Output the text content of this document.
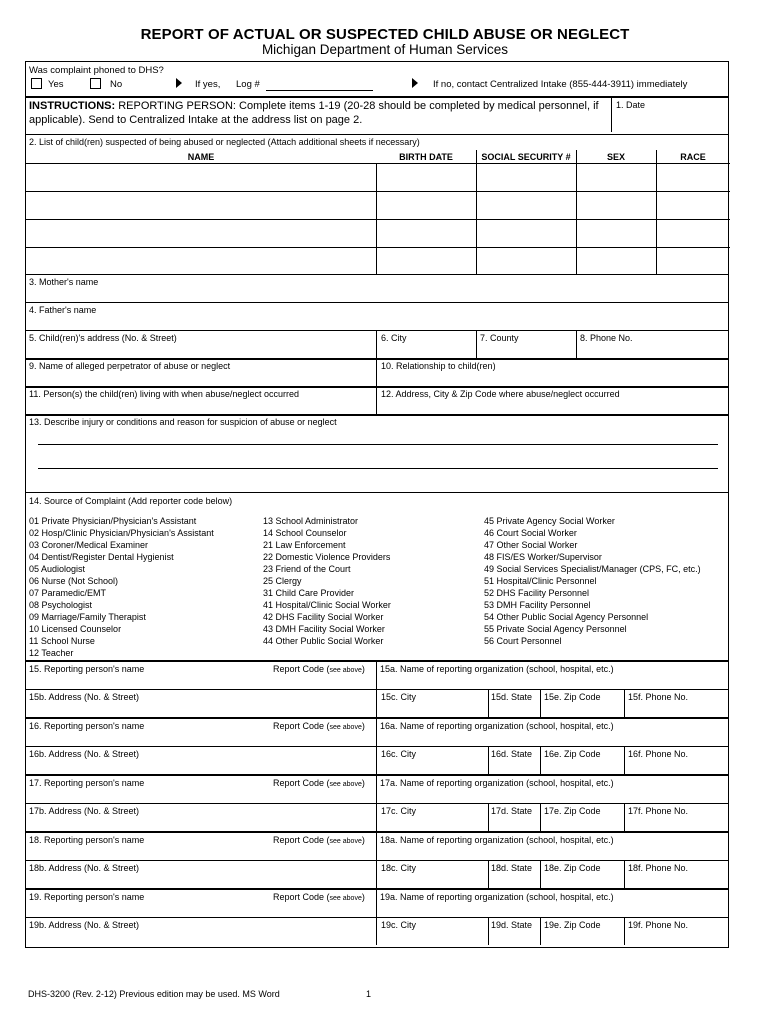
REPORT OF ACTUAL OR SUSPECTED CHILD ABUSE OR NEGLECT
Michigan Department of Human Services
Was complaint phoned to DHS?
Yes	No	If yes, Log #	If no, contact Centralized Intake (855-444-3911) immediately
INSTRUCTIONS: REPORTING PERSON: Complete items 1-19 (20-28 should be completed by medical personnel, if applicable). Send to Centralized Intake at the address list on page 2.
1. Date
2. List of child(ren) suspected of being abused or neglected (Attach additional sheets if necessary)
NAME	BIRTH DATE	SOCIAL SECURITY #	SEX	RACE
3. Mother's name
4. Father's name
5. Child(ren)'s address (No. & Street)	6. City	7. County	8. Phone No.
9. Name of alleged perpetrator of abuse or neglect	10. Relationship to child(ren)
11. Person(s) the child(ren) living with when abuse/neglect occurred	12. Address, City & Zip Code where abuse/neglect occurred
13. Describe injury or conditions and reason for suspicion of abuse or neglect
14. Source of Complaint (Add reporter code below)
01 Private Physician/Physician's Assistant
02 Hosp/Clinic Physician/Physician's Assistant
03 Coroner/Medical Examiner
04 Dentist/Register Dental Hygienist
05 Audiologist
06 Nurse (Not School)
07 Paramedic/EMT
08 Psychologist
09 Marriage/Family Therapist
10 Licensed Counselor
11 School Nurse
12 Teacher
13 School Administrator
14 School Counselor
21 Law Enforcement
22 Domestic Violence Providers
23 Friend of the Court
25 Clergy
31 Child Care Provider
41 Hospital/Clinic Social Worker
42 DHS Facility Social Worker
43 DMH Facility Social Worker
44 Other Public Social Worker
45 Private Agency Social Worker
46 Court Social Worker
47 Other Social Worker
48 FIS/ES Worker/Supervisor
49 Social Services Specialist/Manager (CPS, FC, etc.)
51 Hospital/Clinic Personnel
52 DHS Facility Personnel
53 DMH Facility Personnel
54 Other Public Social Agency Personnel
55 Private Social Agency Personnel
56 Court Personnel
15. Reporting person's name	Report Code (see above) 15a. Name of reporting organization (school, hospital, etc.)
15b. Address (No. & Street)	15c. City	15d. State 15e. Zip Code	15f. Phone No.
16. Reporting person's name	Report Code (see above) 16a. Name of reporting organization (school, hospital, etc.)
16b. Address (No. & Street)	16c. City	16d. State 16e. Zip Code	16f. Phone No.
17. Reporting person's name	Report Code (see above) 17a. Name of reporting organization (school, hospital, etc.)
17b. Address (No. & Street)	17c. City	17d. State 17e. Zip Code	17f. Phone No.
18. Reporting person's name	Report Code (see above) 18a. Name of reporting organization (school, hospital, etc.)
18b. Address (No. & Street)	18c. City	18d. State 18e. Zip Code	18f. Phone No.
19. Reporting person's name	Report Code (see above) 19a. Name of reporting organization (school, hospital, etc.)
19b. Address (No. & Street)	19c. City	19d. State 19e. Zip Code	19f. Phone No.
DHS-3200 (Rev. 2-12) Previous edition may be used. MS Word	1
